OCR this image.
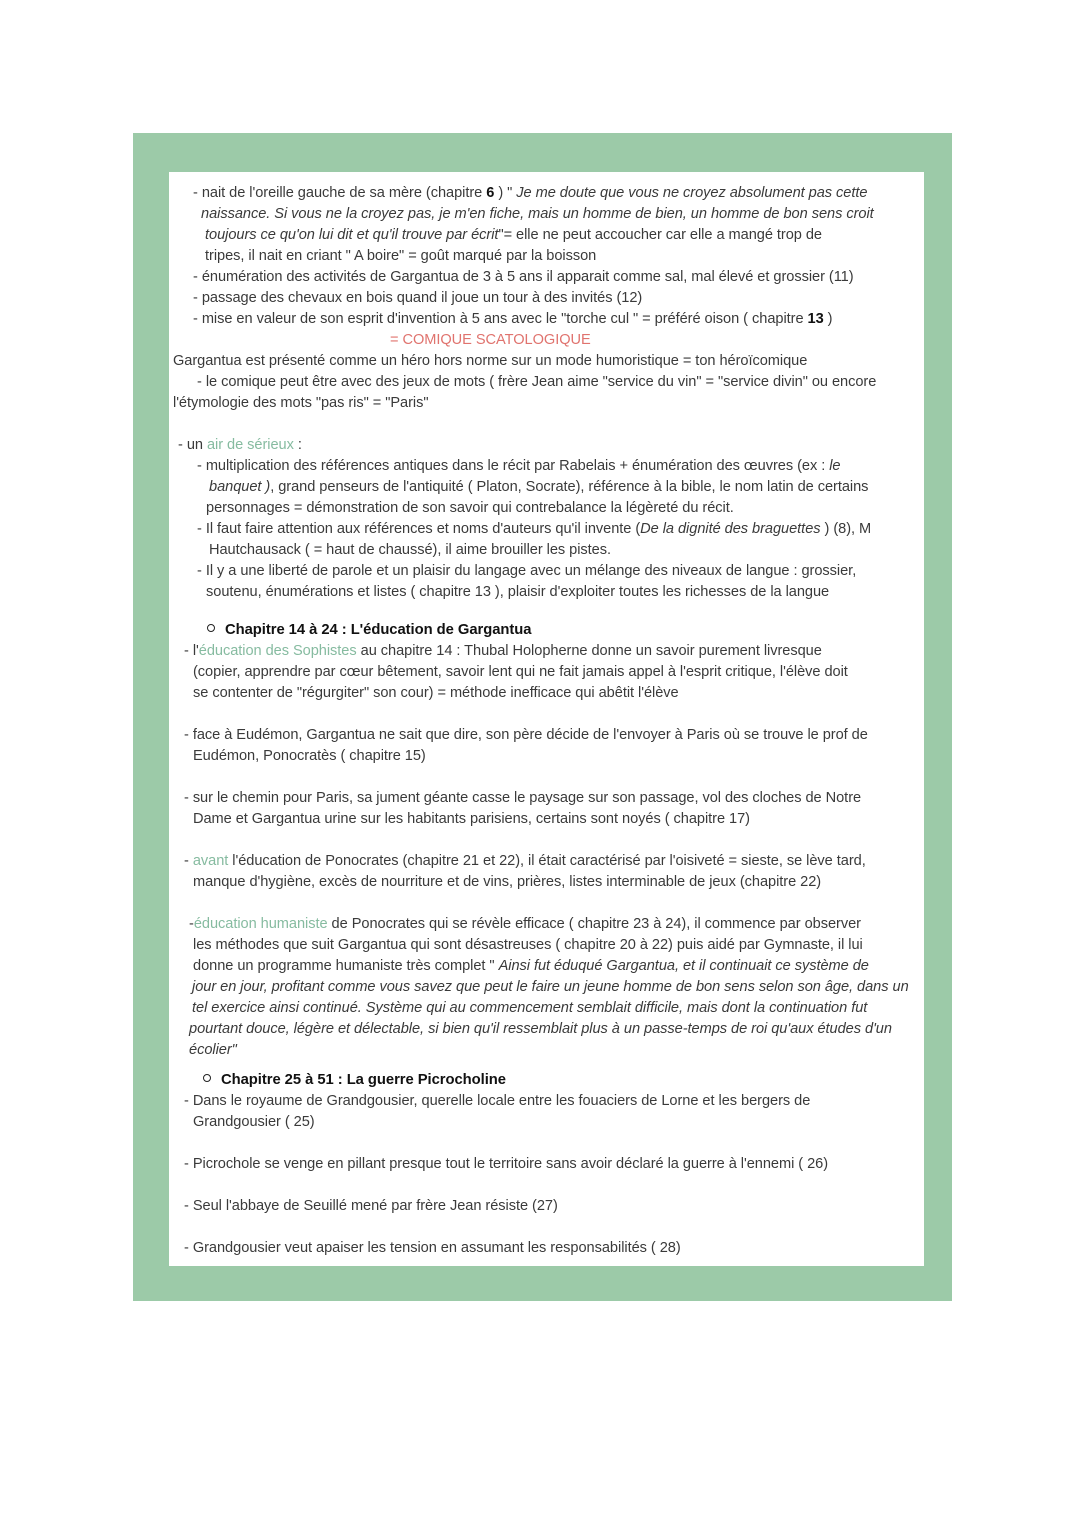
- nait de l'oreille gauche de sa mère (chapitre 6 ) " Je me doute que vous ne croyez absolument pas cette
naissance. Si vous ne la croyez pas, je m'en fiche, mais un homme de bien, un homme de bon sens croit
toujours ce qu'on lui dit et qu'il trouve par écrit"= elle ne peut accoucher car elle a mangé trop de
tripes, il nait en criant " A boire" = goût marqué par la boisson
- énumération des activités de Gargantua de 3 à 5 ans il apparait comme sal, mal élevé et grossier (11)
- passage des chevaux en bois quand il joue un tour à des invités (12)
- mise en valeur de son esprit d'invention à 5 ans avec le "torche cul " = préféré oison ( chapitre 13 )
= COMIQUE SCATOLOGIQUE
Gargantua est présenté comme un héro hors norme sur un mode humoristique = ton héroïcomique
- le comique peut être avec des jeux de mots ( frère Jean aime "service du vin" = "service divin" ou encore
l'étymologie des mots "pas ris" = "Paris"
- un air de sérieux :
- multiplication des références antiques dans le récit par Rabelais + énumération des œuvres (ex : le
banquet ), grand penseurs de l'antiquité ( Platon, Socrate), référence à la bible, le nom latin de certains
personnages = démonstration de son savoir qui contrebalance la légèreté du récit.
- Il faut faire attention aux références et noms d'auteurs qu'il invente (De la dignité des braguettes ) (8), M
Hautchausack ( = haut de chaussé), il aime brouiller les pistes.
- Il y a une liberté de parole et un plaisir du langage avec un mélange des niveaux de langue : grossier,
soutenu, énumérations et listes ( chapitre 13 ), plaisir d'exploiter toutes les richesses de la langue
Chapitre 14 à 24 : L'éducation de Gargantua
- l'éducation des Sophistes au chapitre 14 : Thubal Holopherne donne un savoir purement livresque
(copier, apprendre par cœur bêtement, savoir lent qui ne fait jamais appel à l'esprit critique, l'élève doit
se contenter de "régurgiter" son cour) = méthode inefficace qui abêtit l'élève
- face à Eudémon, Gargantua ne sait que dire, son père décide de l'envoyer à Paris où se trouve le prof de
Eudémon, Ponocratès ( chapitre 15)
- sur le chemin pour Paris, sa jument géante casse le paysage sur son passage, vol des cloches de Notre
Dame et Gargantua urine sur les habitants parisiens, certains sont noyés ( chapitre 17)
- avant l'éducation de Ponocrates (chapitre 21 et 22), il était caractérisé par l'oisiveté = sieste, se lève tard,
manque d'hygiène, excès de nourriture et de vins, prières, listes interminable de jeux (chapitre 22)
-éducation humaniste de Ponocrates qui se révèle efficace ( chapitre 23 à 24), il commence par observer
les méthodes que suit Gargantua qui sont désastreuses ( chapitre 20 à 22) puis aidé par Gymnaste, il lui
donne un programme humaniste très complet " Ainsi fut éduqué Gargantua, et il continuait ce système de
jour en jour, profitant comme vous savez que peut le faire un jeune homme de bon sens selon son âge, dans un
tel exercice ainsi continué. Système qui au commencement semblait difficile, mais dont la continuation fut
pourtant douce, légère et délectable, si bien qu'il ressemblait plus à un passe-temps de roi qu'aux études d'un
écolier"
Chapitre 25 à 51 : La guerre Picrocholine
- Dans le royaume de Grandgousier, querelle locale entre les fouaciers de Lorne et les bergers de
Grandgousier ( 25)
- Picrochole se venge en pillant presque tout le territoire sans avoir déclaré la guerre à l'ennemi ( 26)
- Seul l'abbaye de Seuillé mené par frère Jean résiste (27)
- Grandgousier veut apaiser les tension en assumant les responsabilités ( 28)
